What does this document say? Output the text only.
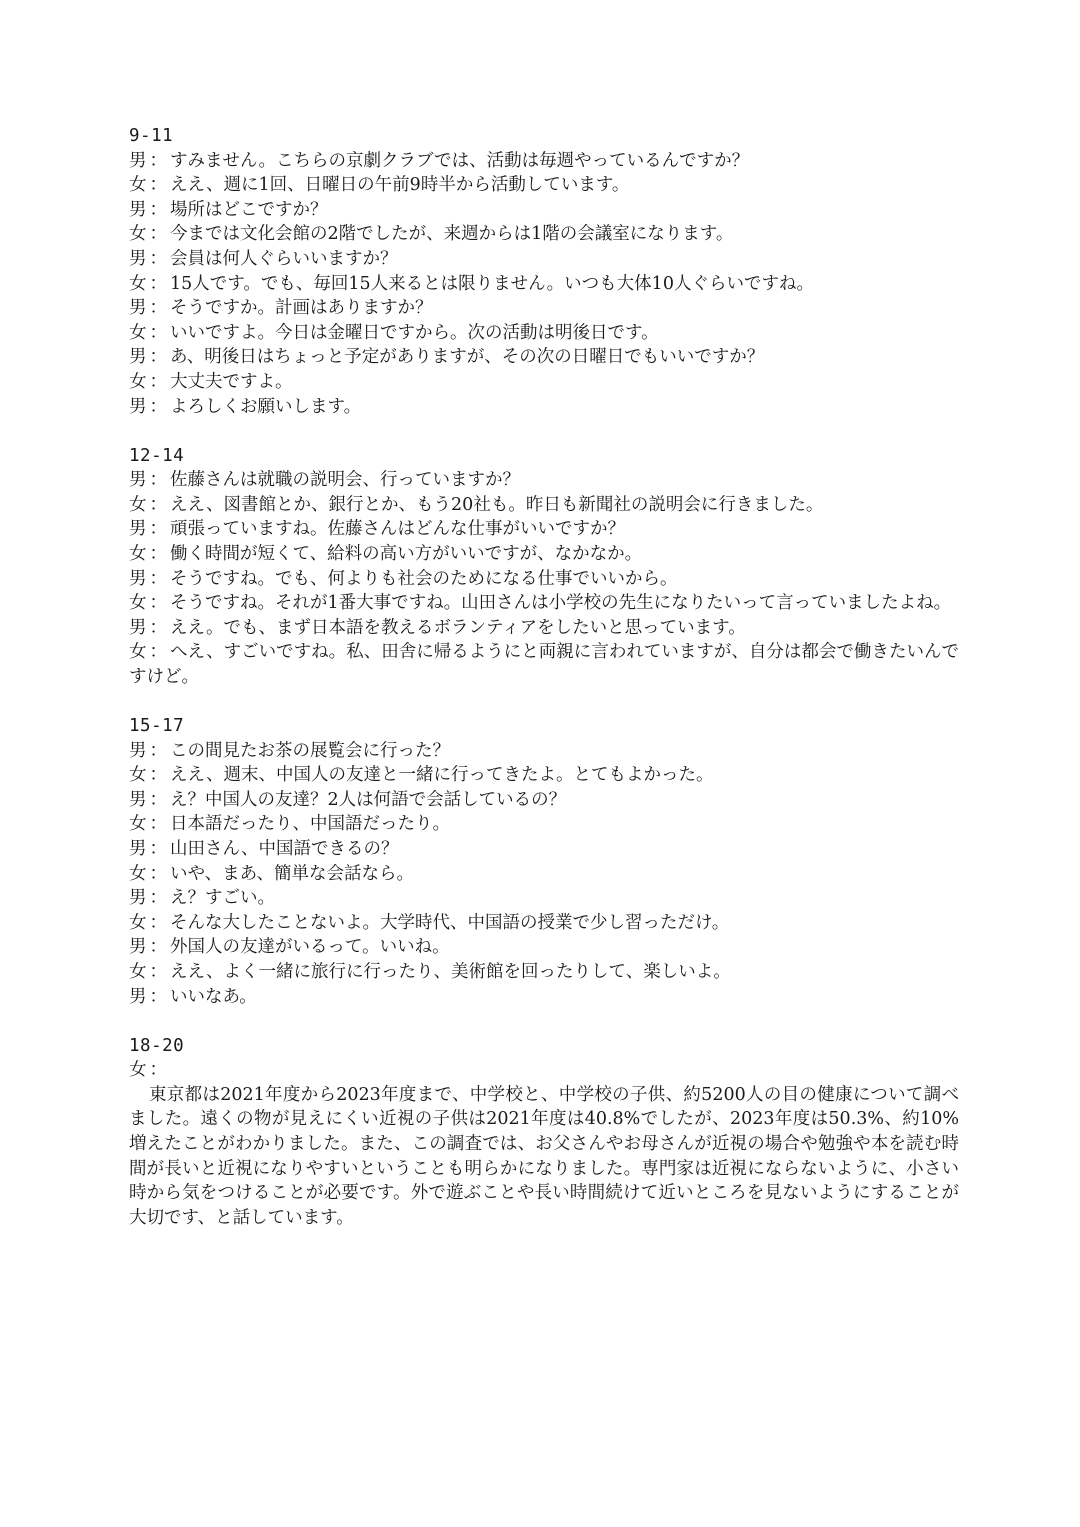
9-11
男 ： すみません。こちらの京劇クラブでは、活動は毎週やっているんですか？
女 ： ええ、週に1回、日曜日の午前9時半から活動しています。
男 ： 場所はどこですか？
女 ： 今までは文化会館の2階でしたが、来週からは1階の会議室になります。
男 ： 会員は何人ぐらいいますか？
女 ： 15人です。でも、毎回15人来るとは限りません。いつも大体10人ぐらいですね。
男 ： そうですか。計画はありますか？
女 ： いいですよ。今日は金曜日ですから。次の活動は明後日です。
男 ： あ、明後日はちょっと予定がありますが、その次の日曜日でもいいですか？
女 ： 大丈夫ですよ。
男 ： よろしくお願いします。
12-14
男 ： 佐藤さんは就職の説明会、行っていますか？
女 ： ええ、図書館とか、銀行とか、もう20社も。昨日も新聞社の説明会に行きました。
男 ： 頑張っていますね。佐藤さんはどんな仕事がいいですか？
女 ： 働く時間が短くて、給料の高い方がいいですが、なかなか。
男 ： そうですね。でも、何よりも社会のためになる仕事でいいから。
女 ： そうですね。それが1番大事ですね。山田さんは小学校の先生になりたいって言っていましたよね。
男 ： ええ。でも、まず日本語を教えるボランティアをしたいと思っています。
女 ： へえ、すごいですね。私、田舎に帰るようにと両親に言われていますが、自分は都会で働きたいんですけど。
15-17
男 ： この間見たお茶の展覧会に行った？
女 ： ええ、週末、中国人の友達と一緒に行ってきたよ。とてもよかった。
男 ： え？中国人の友達？2人は何語で会話しているの？
女 ： 日本語だったり、中国語だったり。
男 ： 山田さん、中国語できるの？
女 ： いや、まあ、簡単な会話なら。
男 ： え？すごい。
女 ： そんな大したことないよ。大学時代、中国語の授業で少し習っただけ。
男 ： 外国人の友達がいるって。いいね。
女 ： ええ、よく一緒に旅行に行ったり、美術館を回ったりして、楽しいよ。
男 ： いいなあ。
18-20
女 ：
東京都は2021年度から2023年度まで、中学校と、中学校の子供、約5200人の目の健康について調べました。遠くの物が見えにくい近視の子供は2021年度は40.8%でしたが、2023年度は50.3%、約10%増えたことがわかりました。また、この調査では、お父さんやお母さんが近視の場合や勉強や本を読む時間が長いと近視になりやすいということも明らかになりました。専門家は近視にならないように、小さい時から気をつけることが必要です。外で遊ぶことや長い時間続けて近いところを見ないようにすることが大切です、と話しています。
